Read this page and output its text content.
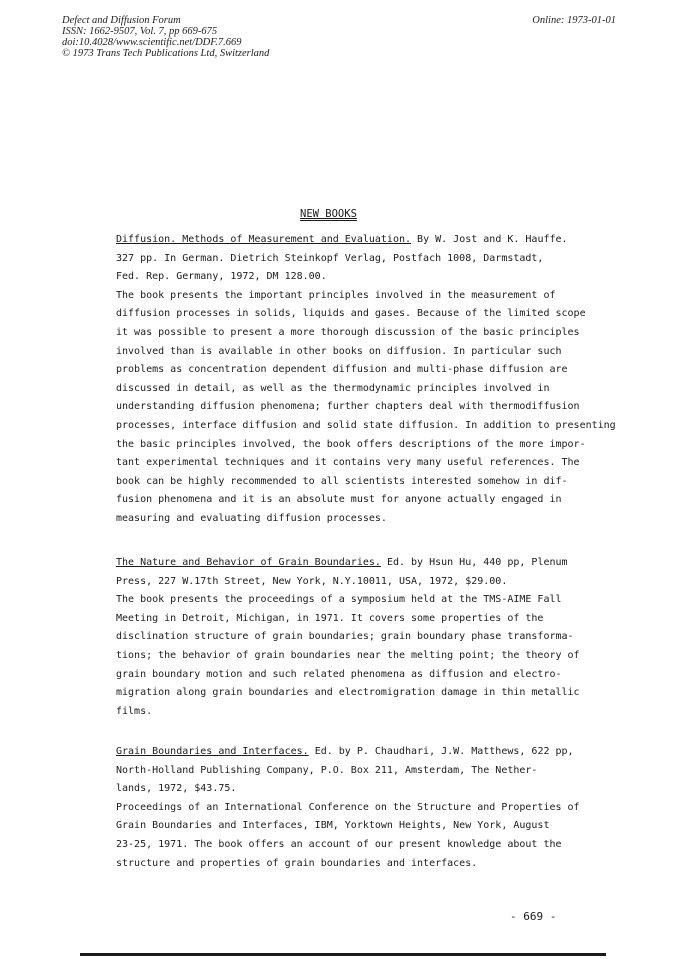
Defect and Diffusion Forum
ISSN: 1662-9507, Vol. 7, pp 669-675
doi:10.4028/www.scientific.net/DDF.7.669
© 1973 Trans Tech Publications Ltd, Switzerland
Online: 1973-01-01
NEW BOOKS
Diffusion. Methods of Measurement and Evaluation. By W. Jost and K. Hauffe.
327 pp. In German. Dietrich Steinkopf Verlag, Postfach 1008, Darmstadt,
Fed. Rep. Germany, 1972, DM 128.00.
The book presents the important principles involved in the measurement of
diffusion processes in solids, liquids and gases. Because of the limited scope
it was possible to present a more thorough discussion of the basic principles
involved than is available in other books on diffusion. In particular such
problems as concentration dependent diffusion and multi-phase diffusion are
discussed in detail, as well as the thermodynamic principles involved in
understanding diffusion phenomena; further chapters deal with thermodiffusion
processes, interface diffusion and solid state diffusion. In addition to presenting
the basic principles involved, the book offers descriptions of the more impor-
tant experimental techniques and it contains very many useful references. The
book can be highly recommended to all scientists interested somehow in dif-
fusion phenomena and it is an absolute must for anyone actually engaged in
measuring and evaluating diffusion processes.
The Nature and Behavior of Grain Boundaries. Ed. by Hsun Hu, 440 pp, Plenum
Press, 227 W.17th Street, New York, N.Y.10011, USA, 1972, $29.00.
The book presents the proceedings of a symposium held at the TMS-AIME Fall
Meeting in Detroit, Michigan, in 1971. It covers some properties of the
disclination structure of grain boundaries; grain boundary phase transforma-
tions; the behavior of grain boundaries near the melting point; the theory of
grain boundary motion and such related phenomena as diffusion and electro-
migration along grain boundaries and electromigration damage in thin metallic
films.
Grain Boundaries and Interfaces. Ed. by P. Chaudhari, J.W. Matthews, 622 pp,
North-Holland Publishing Company, P.O. Box 211, Amsterdam, The Nether-
lands, 1972, $43.75.
Proceedings of an International Conference on the Structure and Properties of
Grain Boundaries and Interfaces, IBM, Yorktown Heights, New York, August
23-25, 1971. The book offers an account of our present knowledge about the
structure and properties of grain boundaries and interfaces.
- 669 -
